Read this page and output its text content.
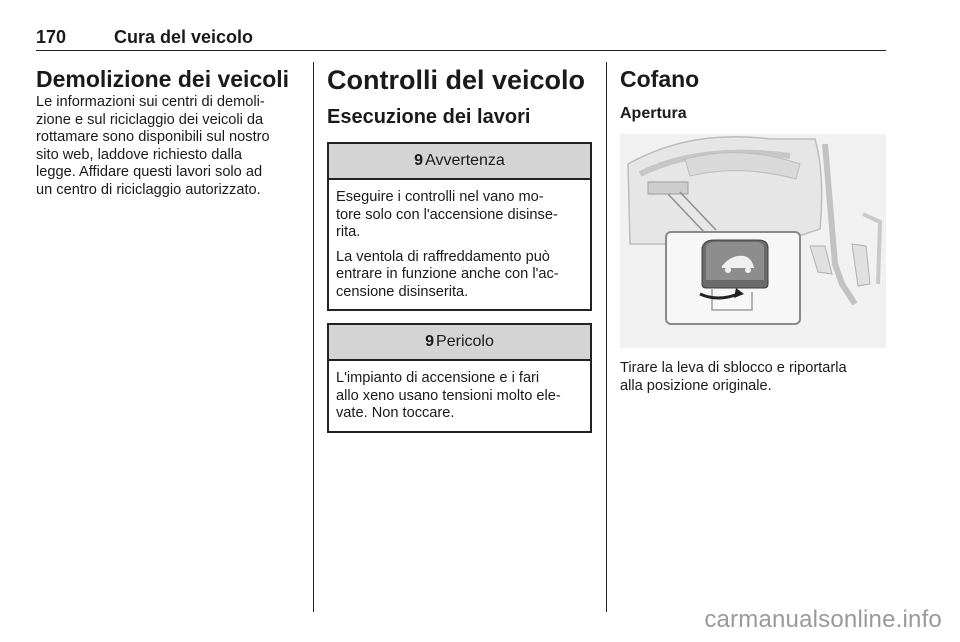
170	Cura del veicolo
Demolizione dei veicoli

Le informazioni sui centri di demoli-
zione e sul riciclaggio dei veicoli da
rottamare sono disponibili sul nostro
sito web, laddove richiesto dalla
legge. Affidare questi lavori solo ad
un centro di riciclaggio autorizzato.

Controlli del veicolo
Esecuzione dei lavori
9 Avvertenza

Eseguire i controlli nel vano mo-
tore solo con l'accensione disinse-
rita.

La ventola di raffreddamento può
entrare in funzione anche con l'ac-
censione disinserita.

9 Pericolo

L'impianto di accensione e i fari
allo xeno usano tensioni molto ele-
vate. Non toccare.

Cofano
Apertura

Tirare la leva di sblocco e riportarla
alla posizione originale.

carmanualsonline.info
